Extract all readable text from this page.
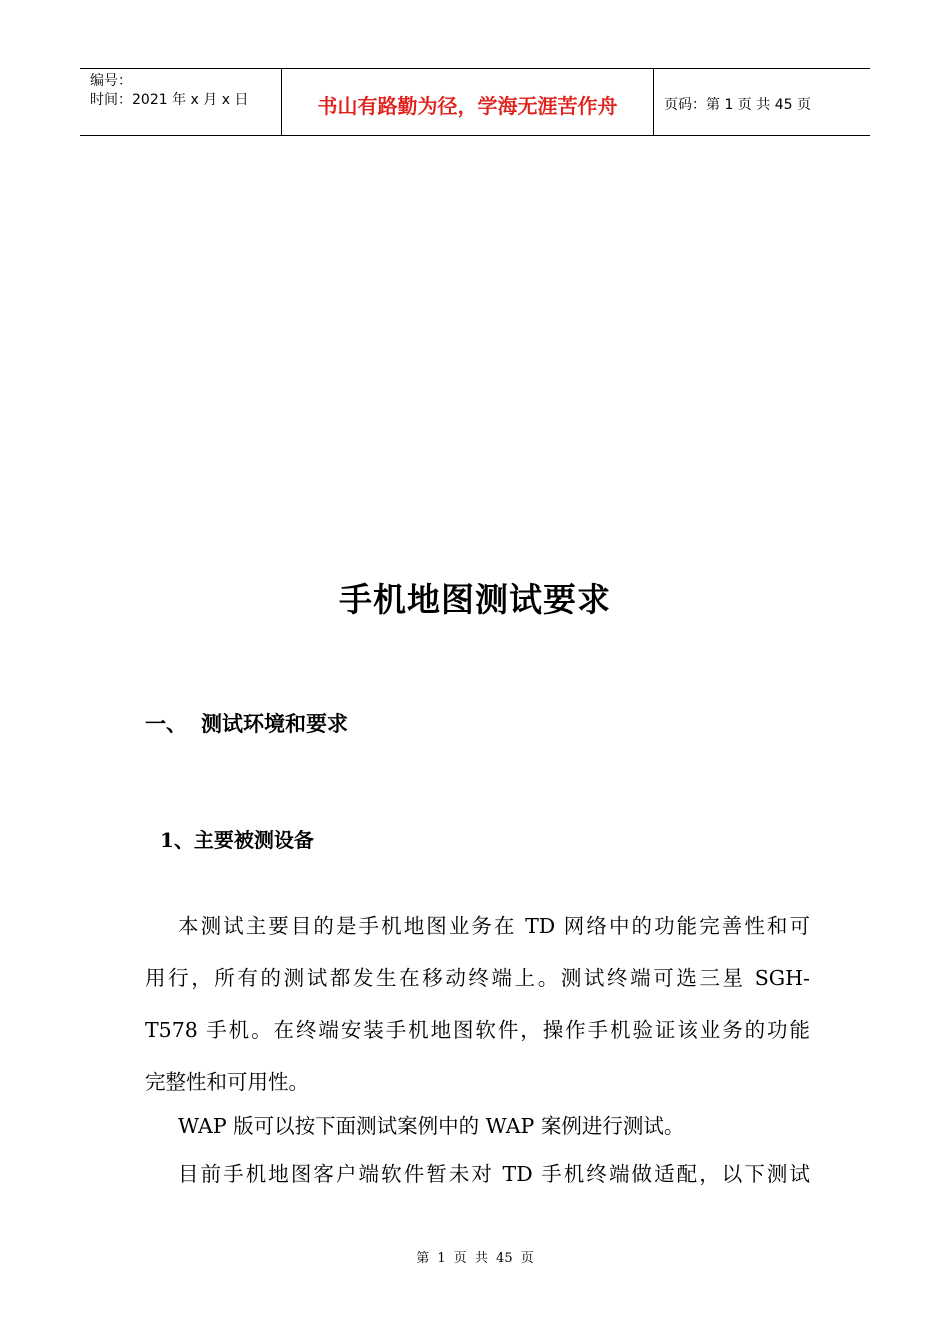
编号：
时间：2021 年 x 月 x 日	书山有路勤为径，学海无涯苦作舟	页码：第 1 页 共 45 页
手机地图测试要求
一、 测试环境和要求
1、主要被测设备
本测试主要目的是手机地图业务在 TD 网络中的功能完善性和可
用行，所有的测试都发生在移动终端上。测试终端可选三星 SGH-
T578 手机。在终端安装手机地图软件，操作手机验证该业务的功能
完整性和可用性。
WAP 版可以按下面测试案例中的 WAP 案例进行测试。
目前手机地图客户端软件暂未对 TD 手机终端做适配，以下测试
第 1 页 共 45 页
